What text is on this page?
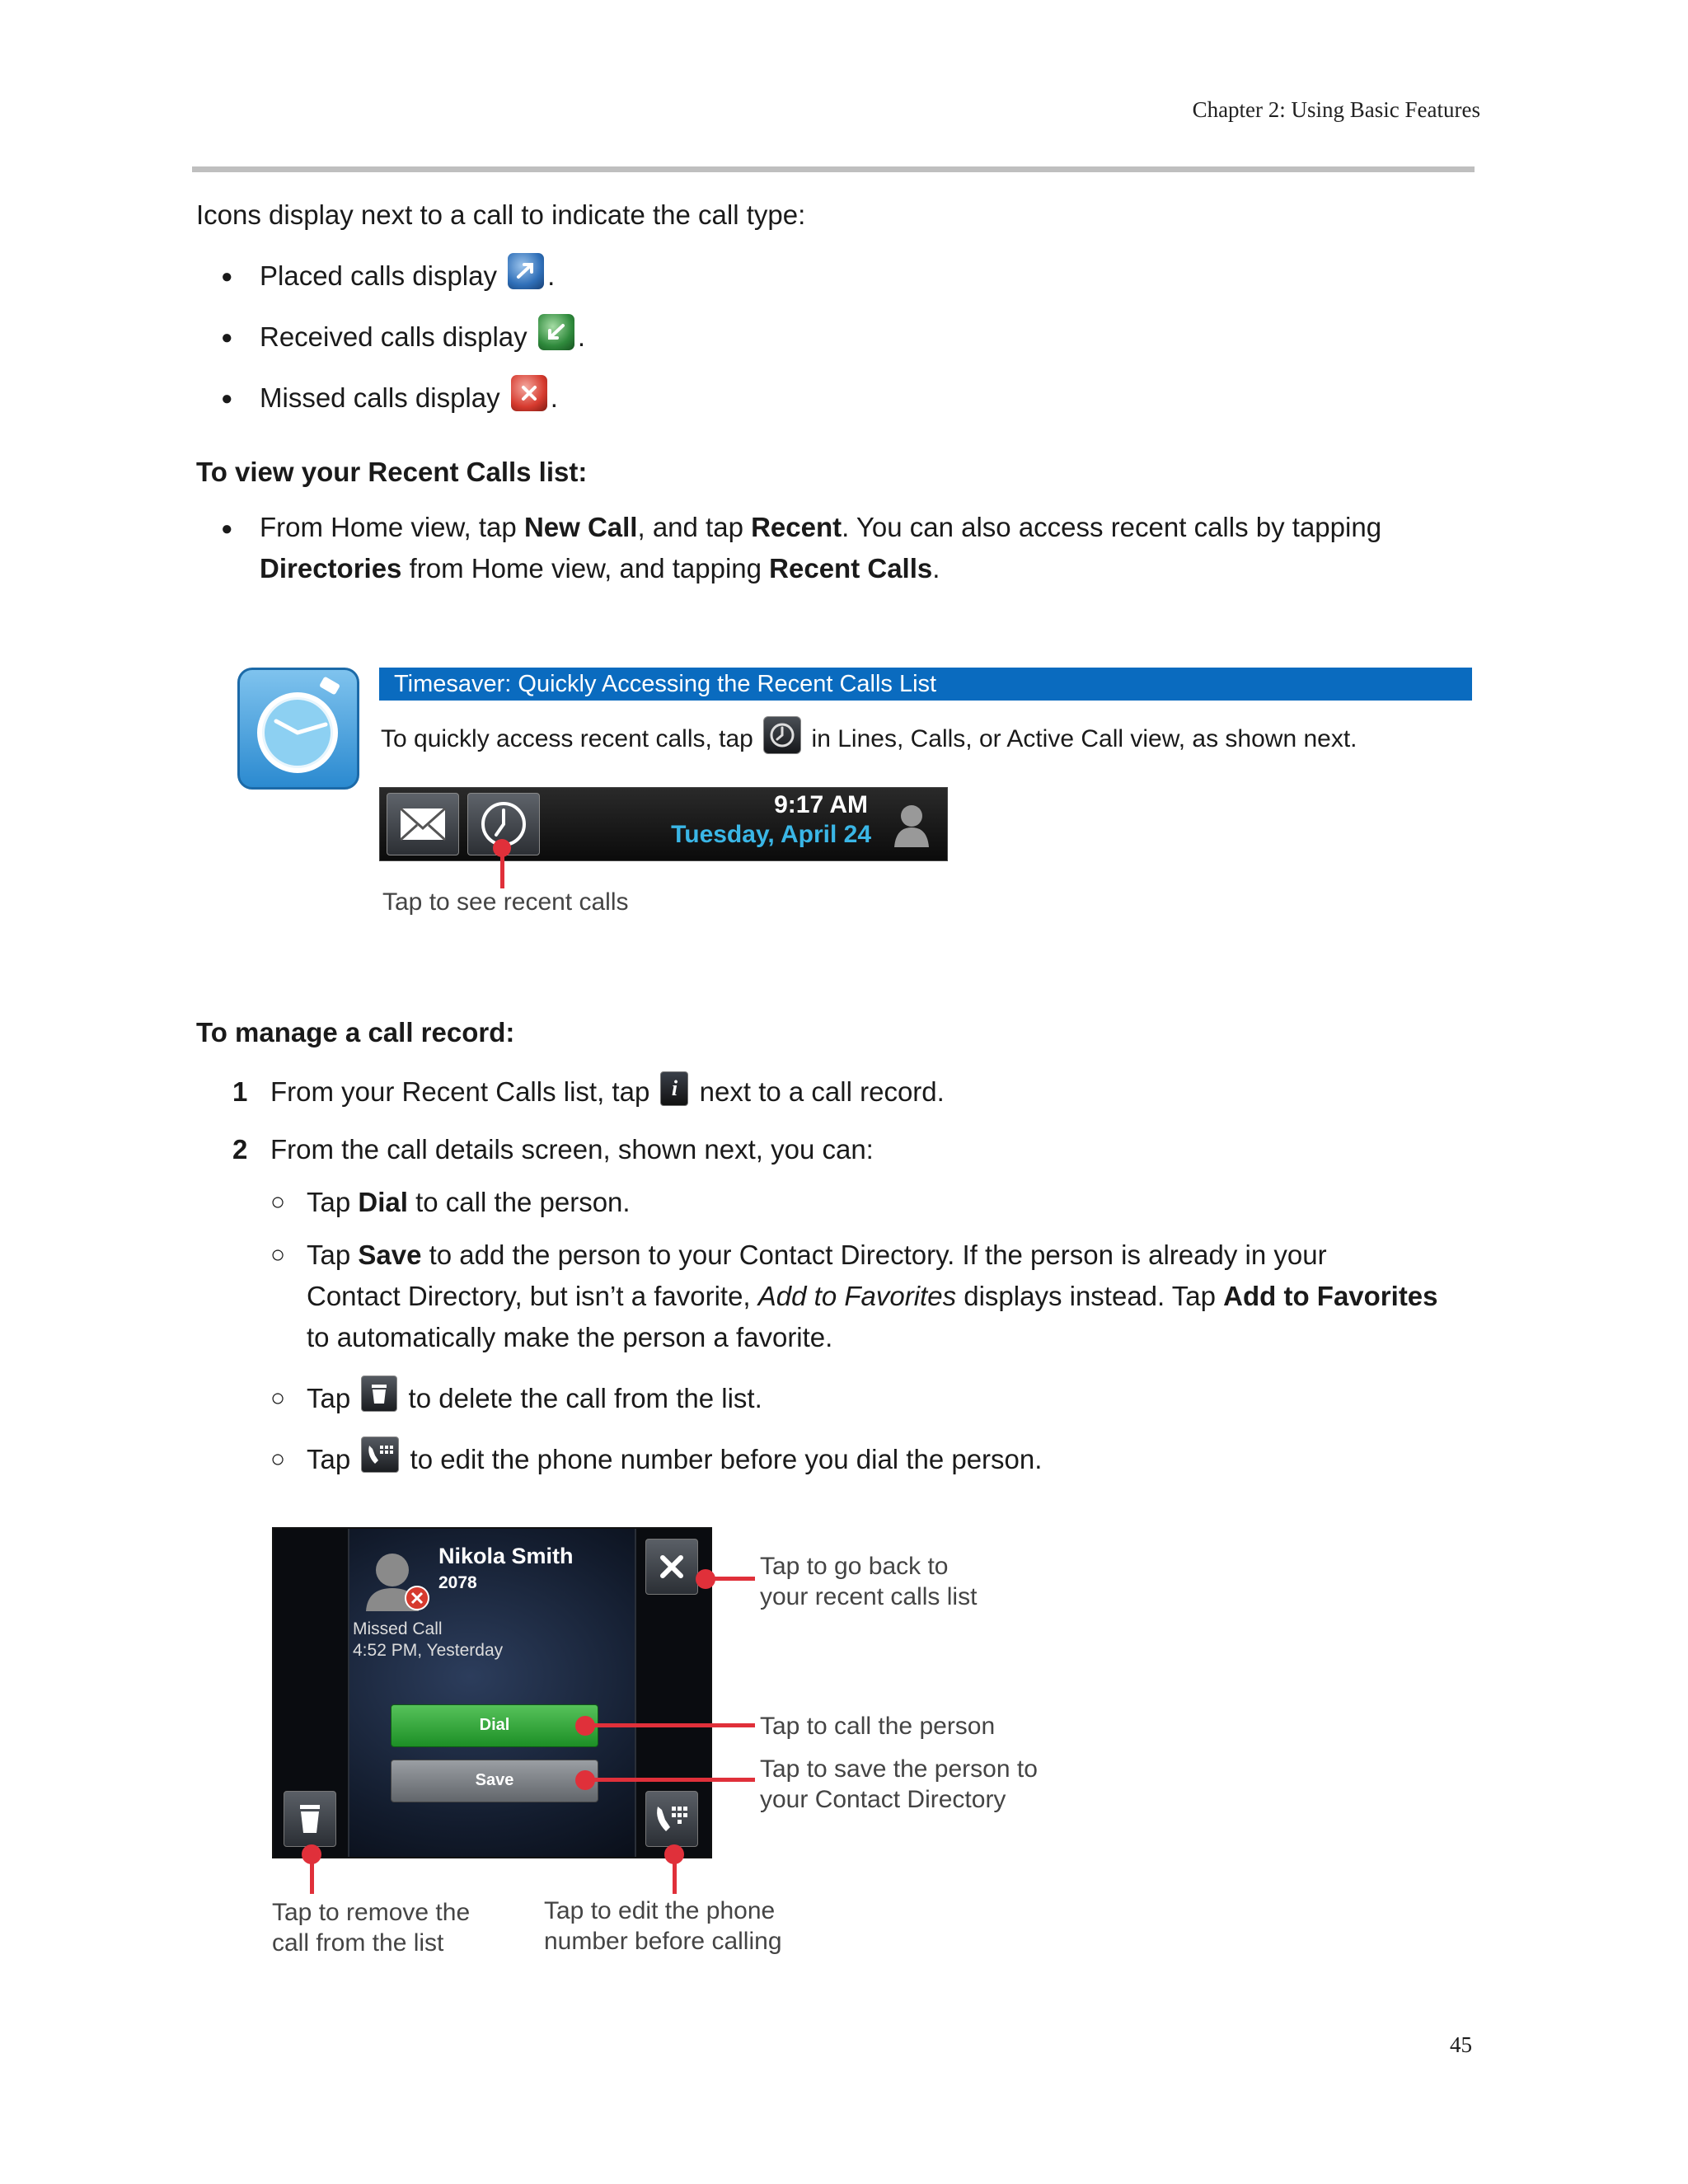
Chapter 2: Using Basic Features
Icons display next to a call to indicate the call type:
● Placed calls display .
● Received calls display .
● Missed calls display .
To view your Recent Calls list:
● From Home view, tap New Call, and tap Recent. You can also access recent calls by tapping
Directories from Home view, and tapping Recent Calls.
Timesaver: Quickly Accessing the Recent Calls List
To quickly access recent calls, tap  in Lines, Calls, or Active Call view, as shown next.
9:17 AM
Tuesday, April 24
Tap to see recent calls
To manage a call record:
1 From your Recent Calls list, tap i next to a call record.
2 From the call details screen, shown next, you can:
○ Tap Dial to call the person.
○ Tap Save to add the person to your Contact Directory. If the person is already in your
Contact Directory, but isn’t a favorite, Add to Favorites displays instead. Tap Add to Favorites
to automatically make the person a favorite.
○ Tap  to delete the call from the list.
○ Tap  to edit the phone number before you dial the person.
Nikola Smith
2078
Missed Call
4:52 PM, Yesterday
Dial
Save
Tap to go back to
your recent calls list
Tap to call the person
Tap to save the person to
your Contact Directory
Tap to remove the
call from the list
Tap to edit the phone
number before calling
45
